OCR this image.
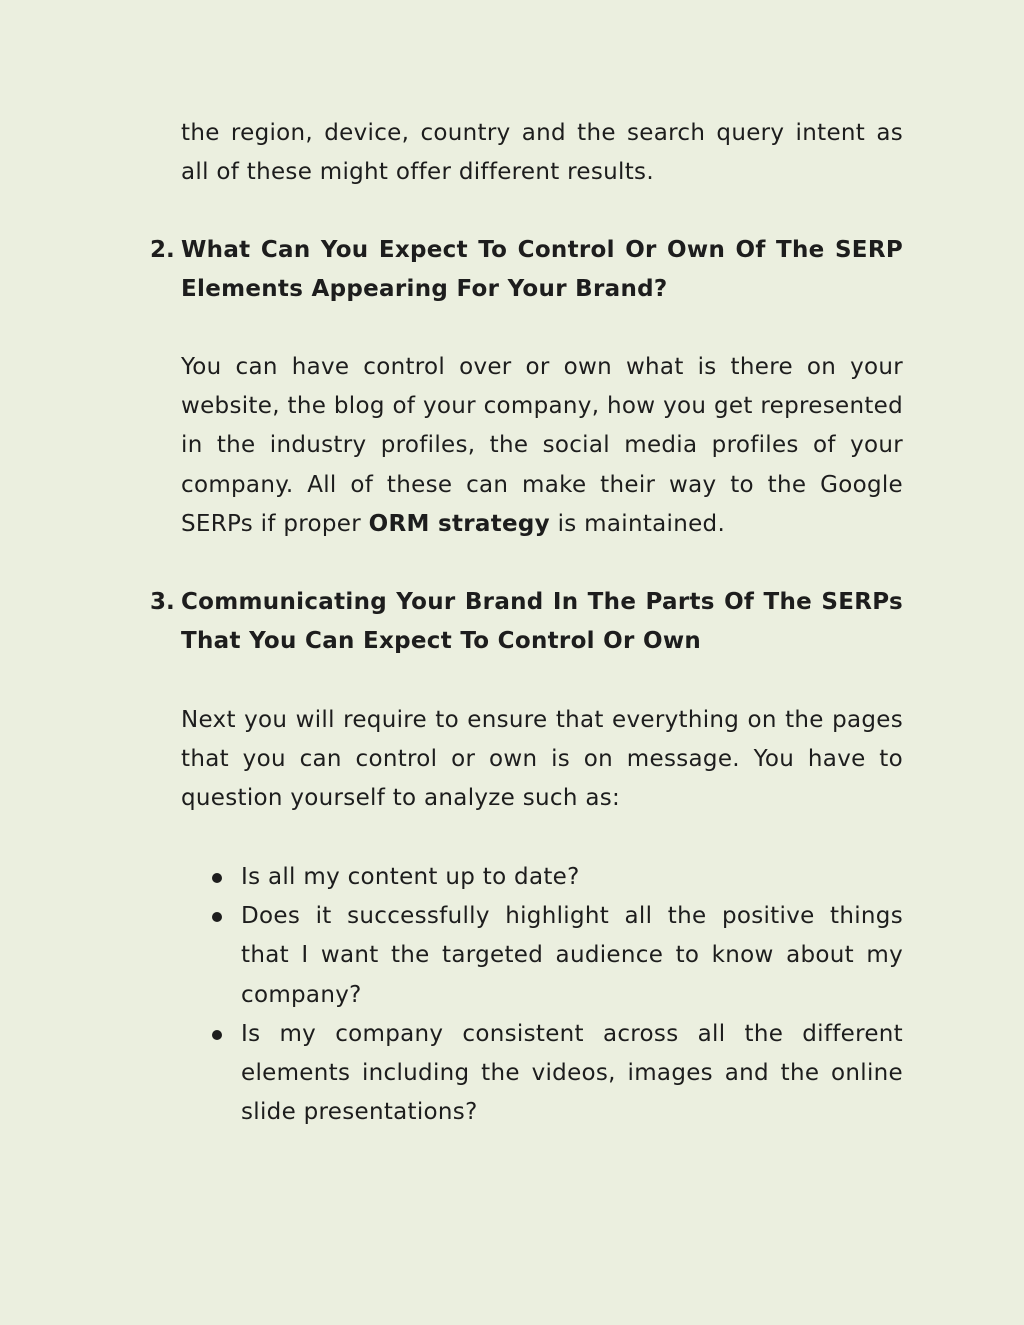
the region, device, country and the search query intent as all of these might offer different results.

2. What Can You Expect To Control Or Own Of The SERP Elements Appearing For Your Brand?

You can have control over or own what is there on your website, the blog of your company, how you get represented in the industry profiles, the social media profiles of your company. All of these can make their way to the Google SERPs if proper ORM strategy is maintained.

3. Communicating Your Brand In The Parts Of The SERPs That You Can Expect To Control Or Own

Next you will require to ensure that everything on the pages that you can control or own is on message. You have to question yourself to analyze such as:

Is all my content up to date?
Does it successfully highlight all the positive things that I want the targeted audience to know about my company?
Is my company consistent across all the different elements including the videos, images and the online slide presentations?
